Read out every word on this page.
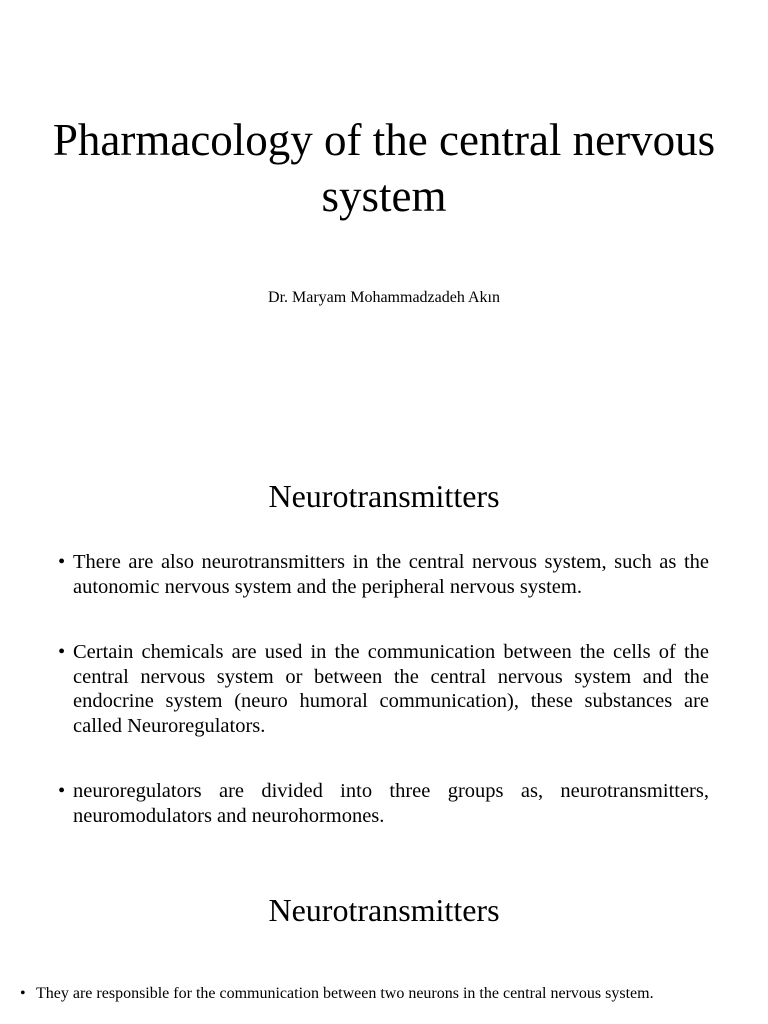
Pharmacology of the central nervous system

Dr. Maryam Mohammadzadeh Akın

Neurotransmitters
• There are also neurotransmitters in the central nervous system, such as the autonomic nervous system and the peripheral nervous system.
• Certain chemicals are used in the communication between the cells of the central nervous system or between the central nervous system and the endocrine system (neuro humoral communication), these substances are called Neuroregulators.
• neuroregulators are divided into three groups as, neurotransmitters, neuromodulators and neurohormones.
Neurotransmitters
• They are responsible for the communication between two neurons in the central nervous system.
